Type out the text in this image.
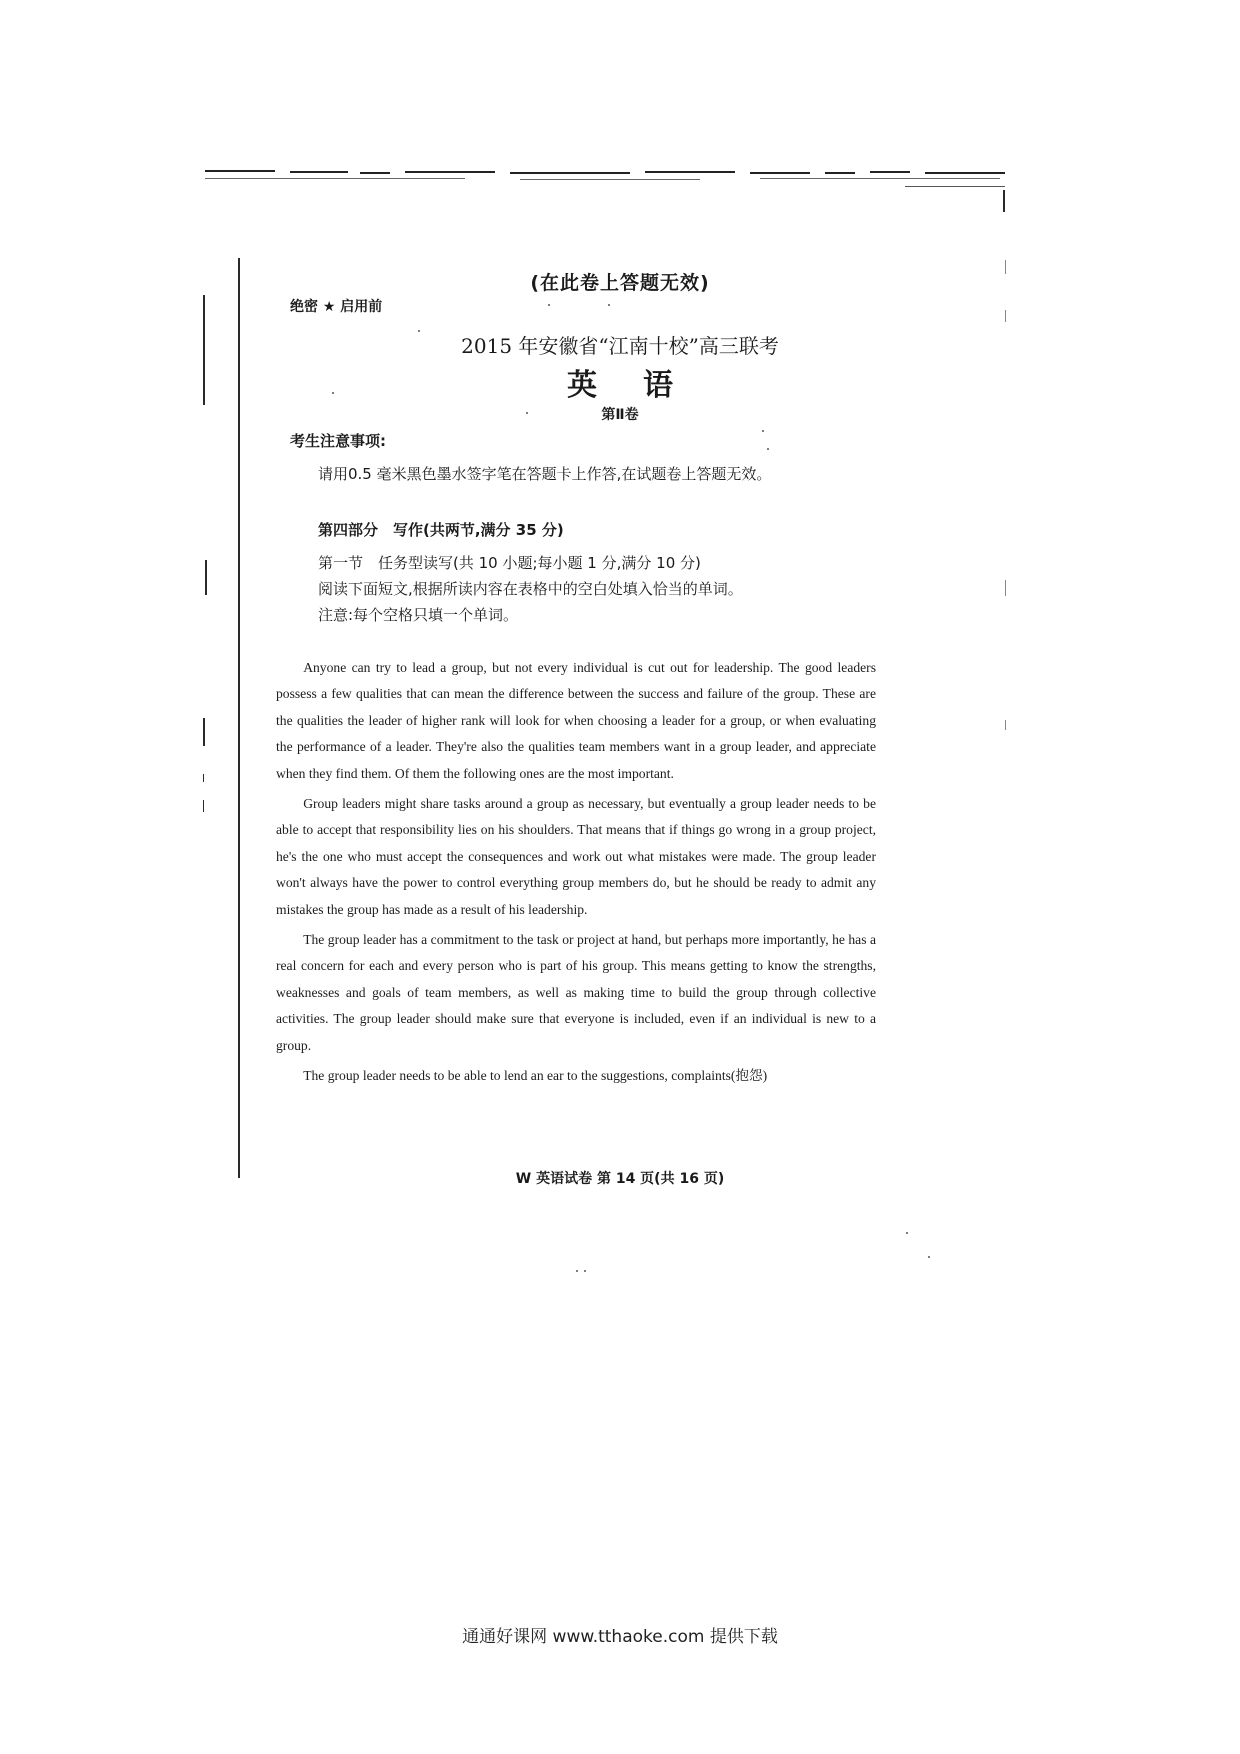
(在此卷上答题无效)
绝密 ★ 启用前
2015 年安徽省“江南十校”高三联考
英语
第Ⅱ卷
考生注意事项:
请用0.5 毫米黑色墨水签字笔在答题卡上作答,在试题卷上答题无效。
第四部分　写作(共两节,满分 35 分)
第一节　任务型读写(共 10 小题;每小题 1 分,满分 10 分)
阅读下面短文,根据所读内容在表格中的空白处填入恰当的单词。
注意:每个空格只填一个单词。

Anyone can try to lead a group, but not every individual is cut out for leadership. The good leaders possess a few qualities that can mean the difference between the success and failure of the group. These are the qualities the leader of higher rank will look for when choosing a leader for a group, or when evaluating the performance of a leader. They're also the qualities team members want in a group leader, and appreciate when they find them. Of them the following ones are the most important.

Group leaders might share tasks around a group as necessary, but eventually a group leader needs to be able to accept that responsibility lies on his shoulders. That means that if things go wrong in a group project, he's the one who must accept the consequences and work out what mistakes were made. The group leader won't always have the power to control everything group members do, but he should be ready to admit any mistakes the group has made as a result of his leadership.

The group leader has a commitment to the task or project at hand, but perhaps more importantly, he has a real concern for each and every person who is part of his group. This means getting to know the strengths, weaknesses and goals of team members, as well as making time to build the group through collective activities. The group leader should make sure that everyone is included, even if an individual is new to a group.

The group leader needs to be able to lend an ear to the suggestions, complaints(抱怨)

W 英语试卷 第 14 页(共 16 页)
通通好课网 www.tthaoke.com 提供下载
